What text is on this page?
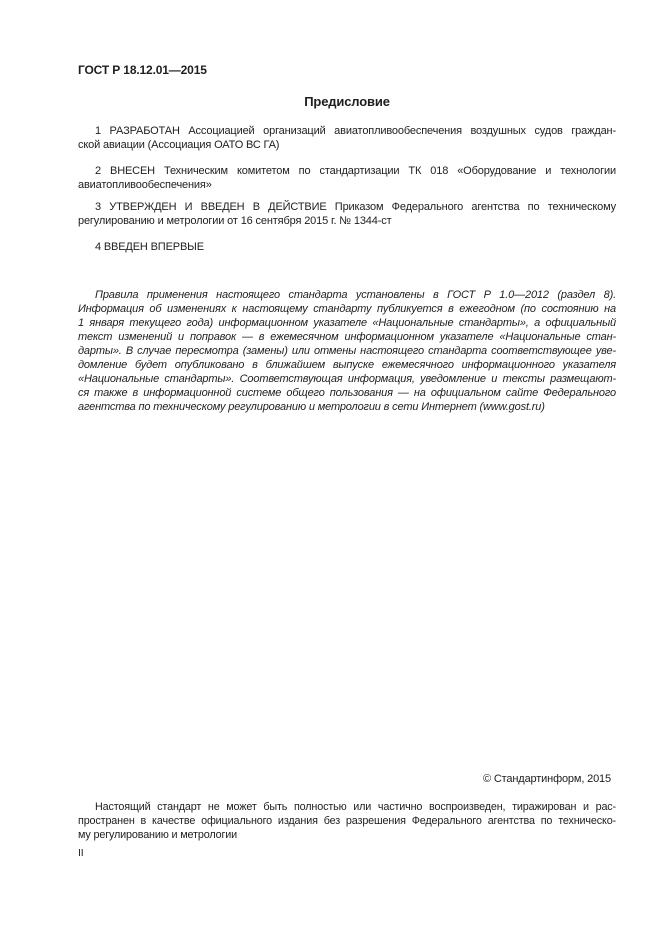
ГОСТ Р 18.12.01—2015
Предисловие
1 РАЗРАБОТАН Ассоциацией организаций авиатопливообеспечения воздушных судов граждан-
ской авиации (Ассоциация ОАТО ВС ГА)
2 ВНЕСЕН Техническим комитетом по стандартизации ТК 018 «Оборудование и технологии
авиатопливообеспечения»
3 УТВЕРЖДЕН И ВВЕДЕН В ДЕЙСТВИЕ Приказом Федерального агентства по техническому
регулированию и метрологии от 16 сентября 2015 г. № 1344-ст
4 ВВЕДЕН ВПЕРВЫЕ
Правила применения настоящего стандарта установлены в ГОСТ Р 1.0—2012 (раздел 8).
Информация об изменениях к настоящему стандарту публикуется в ежегодном (по состоянию на
1 января текущего года) информационном указателе «Национальные стандарты», а официальный
текст изменений и поправок — в ежемесячном информационном указателе «Национальные стан-
дарты». В случае пересмотра (замены) или отмены настоящего стандарта соответствующее уве-
домление будет опубликовано в ближайшем выпуске ежемесячного информационного указателя
«Национальные стандарты». Соответствующая информация, уведомление и тексты размещают-
ся также в информационной системе общего пользования — на официальном сайте Федерального
агентства по техническому регулированию и метрологии в сети Интернет (www.gost.ru)
© Стандартинформ, 2015
Настоящий стандарт не может быть полностью или частично воспроизведен, тиражирован и рас-
пространен в качестве официального издания без разрешения Федерального агентства по техническо-
му регулированию и метрологии
II
